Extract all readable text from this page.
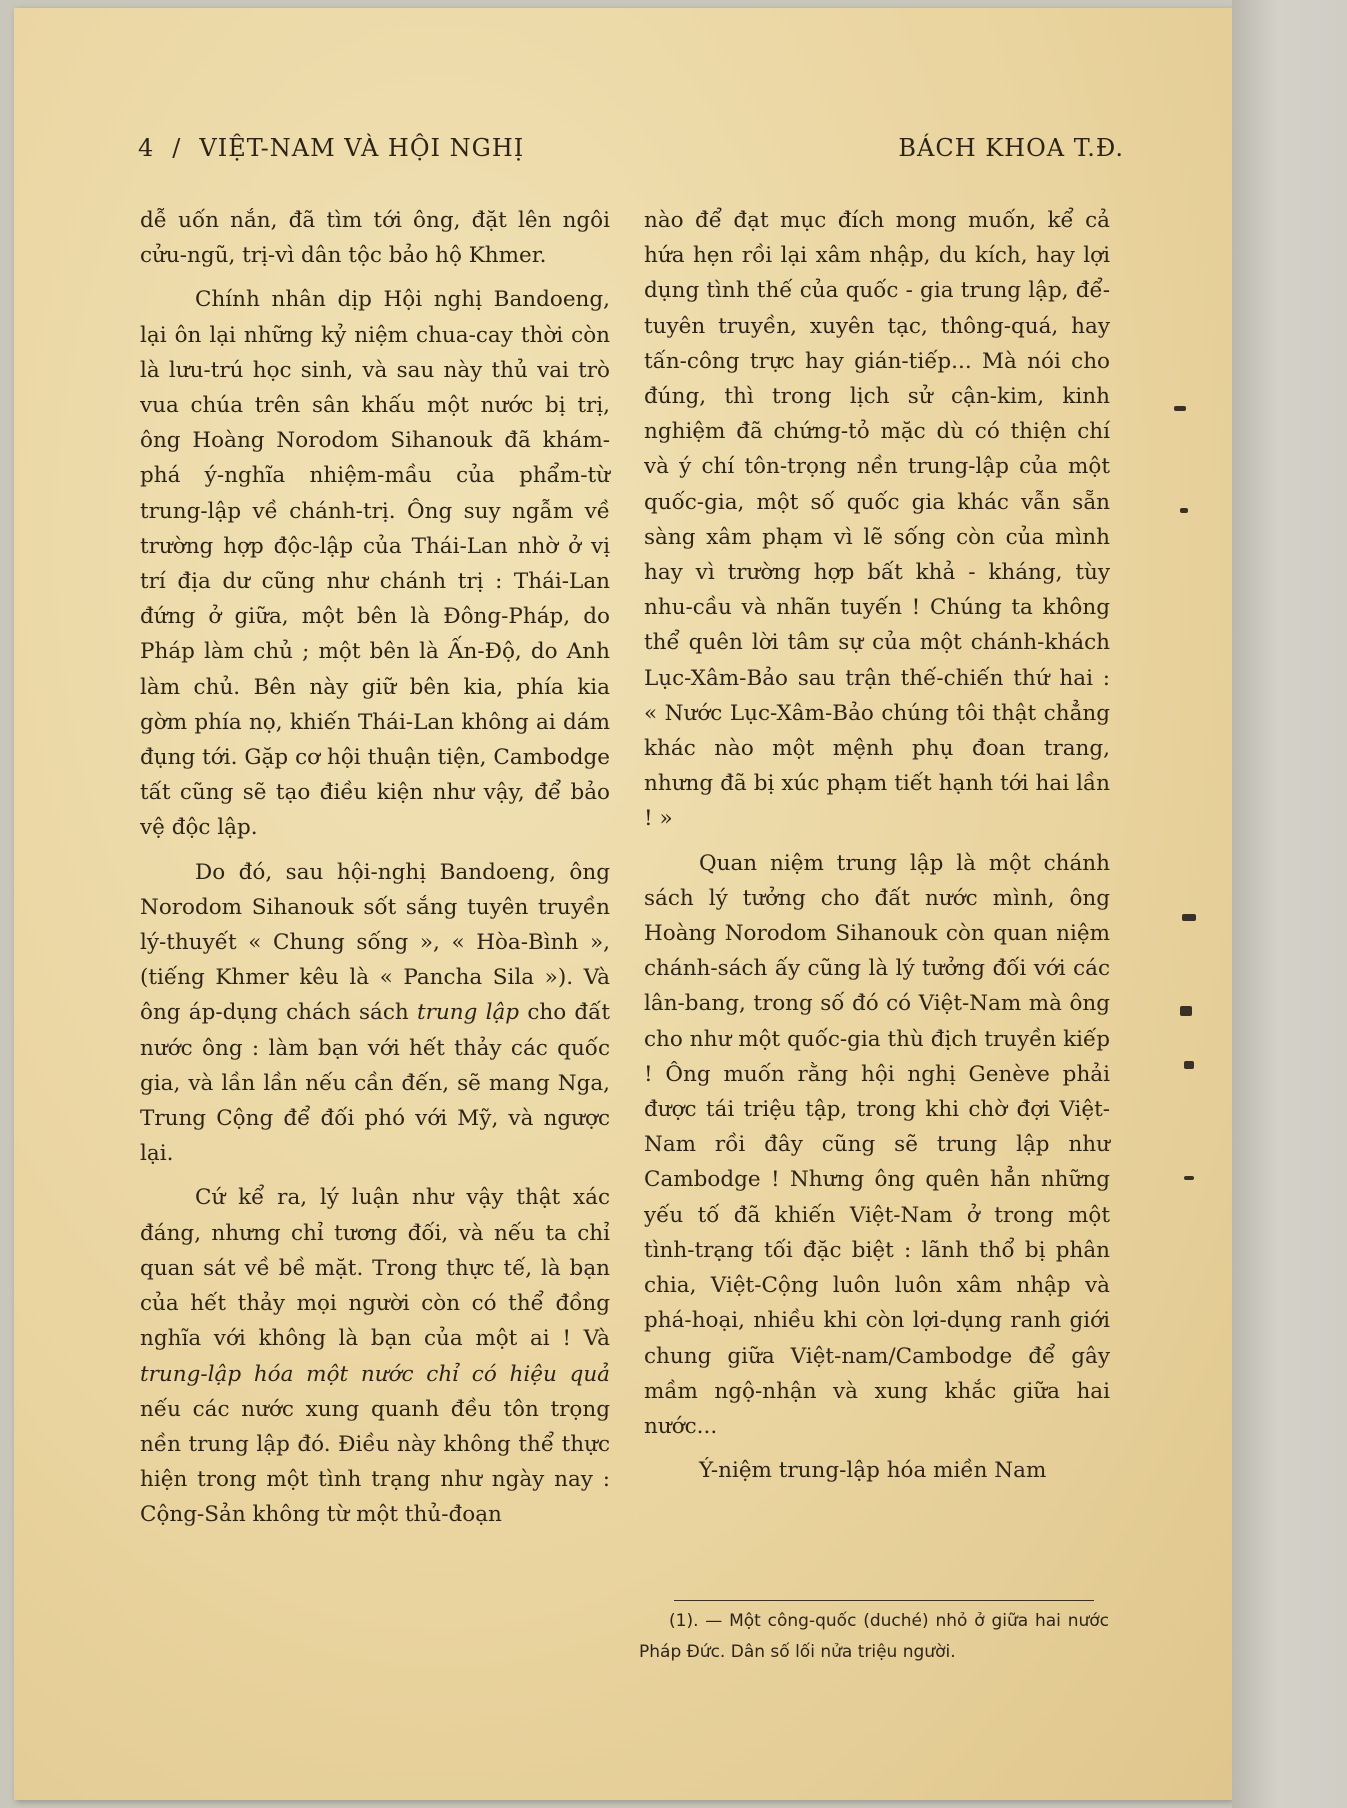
4 / VIỆT-NAM VÀ HỘI NGHỊ	BÁCH KHOA T.Đ.

dễ uốn nắn, đã tìm tới ông, đặt lên ngôi cửu-ngũ, trị-vì dân tộc bảo hộ Khmer.

Chính nhân dịp Hội nghị Bandoeng, lại ôn lại những kỷ niệm chua-cay thời còn là lưu-trú học sinh, và sau này thủ vai trò vua chúa trên sân khấu một nước bị trị, ông Hoàng Norodom Sihanouk đã khám-phá ý-nghĩa nhiệm-mầu của phẩm-từ trung-lập về chánh-trị. Ông suy ngẫm về trường hợp độc-lập của Thái-Lan nhờ ở vị trí địa dư cũng như chánh trị : Thái-Lan đứng ở giữa, một bên là Đông-Pháp, do Pháp làm chủ ; một bên là Ấn-Độ, do Anh làm chủ. Bên này giữ bên kia, phía kia gờm phía nọ, khiến Thái-Lan không ai dám đụng tới. Gặp cơ hội thuận tiện, Cambodge tất cũng sẽ tạo điều kiện như vậy, để bảo vệ độc lập.

Do đó, sau hội-nghị Bandoeng, ông Norodom Sihanouk sốt sắng tuyên truyền lý-thuyết « Chung sống », « Hòa-Bình », (tiếng Khmer kêu là « Pancha Sila »). Và ông áp-dụng chách sách trung lập cho đất nước ông : làm bạn với hết thảy các quốc gia, và lần lần nếu cần đến, sẽ mang Nga, Trung Cộng để đối phó với Mỹ, và ngược lại.

Cứ kể ra, lý luận như vậy thật xác đáng, nhưng chỉ tương đối, và nếu ta chỉ quan sát về bề mặt. Trong thực tế, là bạn của hết thảy mọi người còn có thể đồng nghĩa với không là bạn của một ai ! Và trung-lập hóa một nước chỉ có hiệu quả nếu các nước xung quanh đều tôn trọng nền trung lập đó. Điều này không thể thực hiện trong một tình trạng như ngày nay : Cộng-Sản không từ một thủ-đoạn

nào để đạt mục đích mong muốn, kể cả hứa hẹn rồi lại xâm nhập, du kích, hay lợi dụng tình thế của quốc - gia trung lập, để-tuyên truyền, xuyên tạc, thông-quá, hay tấn-công trực hay gián-tiếp... Mà nói cho đúng, thì trong lịch sử cận-kim, kinh nghiệm đã chứng-tỏ mặc dù có thiện chí và ý chí tôn-trọng nền trung-lập của một quốc-gia, một số quốc gia khác vẫn sẵn sàng xâm phạm vì lẽ sống còn của mình hay vì trường hợp bất khả - kháng, tùy nhu-cầu và nhãn tuyến ! Chúng ta không thể quên lời tâm sự của một chánh-khách Lục-Xâm-Bảo sau trận thế-chiến thứ hai : « Nước Lục-Xâm-Bảo chúng tôi thật chẳng khác nào một mệnh phụ đoan trang, nhưng đã bị xúc phạm tiết hạnh tới hai lần ! »

Quan niệm trung lập là một chánh sách lý tưởng cho đất nước mình, ông Hoàng Norodom Sihanouk còn quan niệm chánh-sách ấy cũng là lý tưởng đối với các lân-bang, trong số đó có Việt-Nam mà ông cho như một quốc-gia thù địch truyền kiếp ! Ông muốn rằng hội nghị Genève phải được tái triệu tập, trong khi chờ đợi Việt-Nam rồi đây cũng sẽ trung lập như Cambodge ! Nhưng ông quên hẳn những yếu tố đã khiến Việt-Nam ở trong một tình-trạng tối đặc biệt : lãnh thổ bị phân chia, Việt-Cộng luôn luôn xâm nhập và phá-hoại, nhiều khi còn lợi-dụng ranh giới chung giữa Việt-nam/Cambodge để gây mầm ngộ-nhận và xung khắc giữa hai nước...

Ý-niệm trung-lập hóa miền Nam

(1). — Một công-quốc (duché) nhỏ ở giữa hai nước Pháp Đức. Dân số lối nửa triệu người.
